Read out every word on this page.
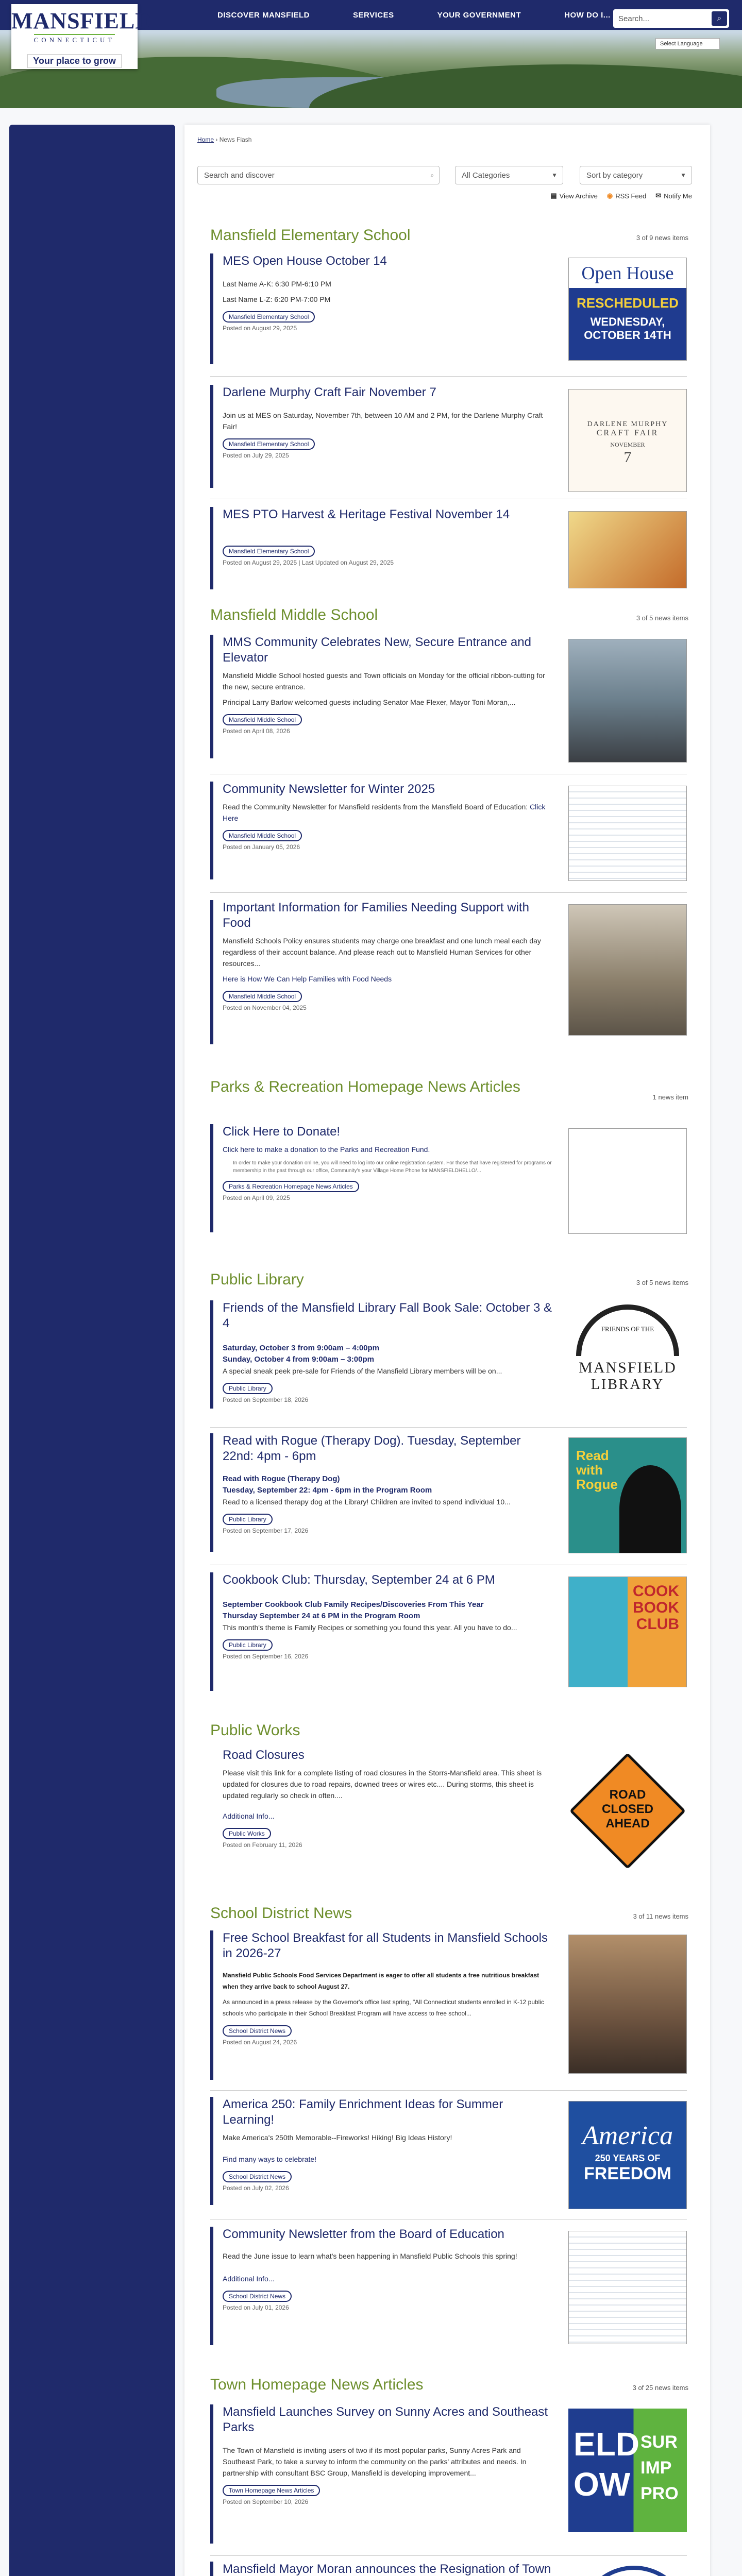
DISCOVER MANSFIELD	SERVICES	YOUR GOVERNMENT	HOW DO I...
MANSFIELD
CONNECTICUT
Your place to grow
Search...	⌕
Select Language
Home › News Flash
Search and discover	⌕	All Categories	▼	Sort by category	▼
▤ View Archive ◉ RSS Feed ✉ Notify Me
Mansfield Elementary School	3 of 9 news items
MES Open House October 14

Last Name A-K: 6:30 PM-6:10 PM

Last Name L-Z: 6:20 PM-7:00 PM

Mansfield Elementary School
Posted on August 29, 2025
Open House
RESCHEDULED
WEDNESDAY,
OCTOBER 14TH
Darlene Murphy Craft Fair November 7

Join us at MES on Saturday, November 7th, between 10 AM and 2 PM, for the Darlene Murphy Craft Fair!

Mansfield Elementary School
Posted on July 29, 2025
DARLENE MURPHY
CRAFT FAIR
NOVEMBER
7
MES PTO Harvest & Heritage Festival November 14
Mansfield Elementary School
Posted on August 29, 2025 | Last Updated on August 29, 2025
Mansfield Middle School	3 of 5 news items
MMS Community Celebrates New, Secure Entrance and Elevator

Mansfield Middle School hosted guests and Town officials on Monday for the official ribbon-cutting for the new, secure entrance.

Principal Larry Barlow welcomed guests including Senator Mae Flexer, Mayor Toni Moran,...

Mansfield Middle School
Posted on April 08, 2026
Community Newsletter for Winter 2025

Read the Community Newsletter for Mansfield residents from the Mansfield Board of Education: Click Here

Mansfield Middle School
Posted on January 05, 2026
Important Information for Families Needing Support with Food

Mansfield Schools Policy ensures students may charge one breakfast and one lunch meal each day regardless of their account balance. And please reach out to Mansfield Human Services for other resources...

Here is How We Can Help Families with Food Needs

Mansfield Middle School
Posted on November 04, 2025
Parks & Recreation Homepage News Articles
1 news item
Click Here to Donate!

Click here to make a donation to the Parks and Recreation Fund.

In order to make your donation online, you will need to log into our online registration system. For those that have registered for programs or membership in the past through our office, Community's your Village Home Phone for MANSFIELDHELLO/...

Parks & Recreation Homepage News Articles
Posted on April 09, 2025
Public Library	3 of 5 news items
Friends of the Mansfield Library Fall Book Sale: October 3 & 4
Saturday, October 3 from 9:00am – 4:00pm
Sunday, October 4 from 9:00am – 3:00pm

A special sneak peek pre-sale for Friends of the Mansfield Library members will be on...

Public Library
Posted on September 18, 2026
FRIENDS OF THE
MANSFIELD
LIBRARY
Read with Rogue (Therapy Dog). Tuesday, September 22nd: 4pm - 6pm
Read with Rogue (Therapy Dog)
Tuesday, September 22: 4pm - 6pm in the Program Room

Read to a licensed therapy dog at the Library! Children are invited to spend individual 10...

Public Library
Posted on September 17, 2026
Read
with
Rogue
Cookbook Club: Thursday, September 24 at 6 PM
September Cookbook Club Family Recipes/Discoveries From This Year
Thursday September 24 at 6 PM in the Program Room

This month's theme is Family Recipes or something you found this year. All you have to do...

Public Library
Posted on September 16, 2026
COOK
BOOK
CLUB
Public Works
Road Closures

Please visit this link for a complete listing of road closures in the Storrs-Mansfield area. This sheet is updated for closures due to road repairs, downed trees or wires etc.... During storms, this sheet is updated regularly so check in often....

Additional Info...

Public Works
Posted on February 11, 2026
ROAD
CLOSED
AHEAD
School District News	3 of 11 news items
Free School Breakfast for all Students in Mansfield Schools in 2026-27
Mansfield Public Schools Food Services Department is eager to offer all students a free nutritious breakfast when they arrive back to school August 27.

As announced in a press release by the Governor's office last spring, "All Connecticut students enrolled in K-12 public schools who participate in their School Breakfast Program will have access to free school...

School District News
Posted on August 24, 2026
America 250: Family Enrichment Ideas for Summer Learning!

Make America's 250th Memorable--Fireworks! Hiking! Big Ideas History!

Find many ways to celebrate!

School District News
Posted on July 02, 2026
America
250 YEARS OF
FREEDOM
Community Newsletter from the Board of Education

Read the June issue to learn what's been happening in Mansfield Public Schools this spring!

Additional Info...

School District News
Posted on July 01, 2026
Town Homepage News Articles	3 of 25 news items
Mansfield Launches Survey on Sunny Acres and Southeast Parks

The Town of Mansfield is inviting users of two if its most popular parks, Sunny Acres Park and Southeast Park, to take a survey to inform the community on the parks' attributes and needs. In partnership with consultant BSC Group, Mansfield is developing improvement...

Town Homepage News Articles
Posted on September 10, 2026
ELD
OW
SUR
IMP
PRO
Mansfield Mayor Moran announces the Resignation of Town
